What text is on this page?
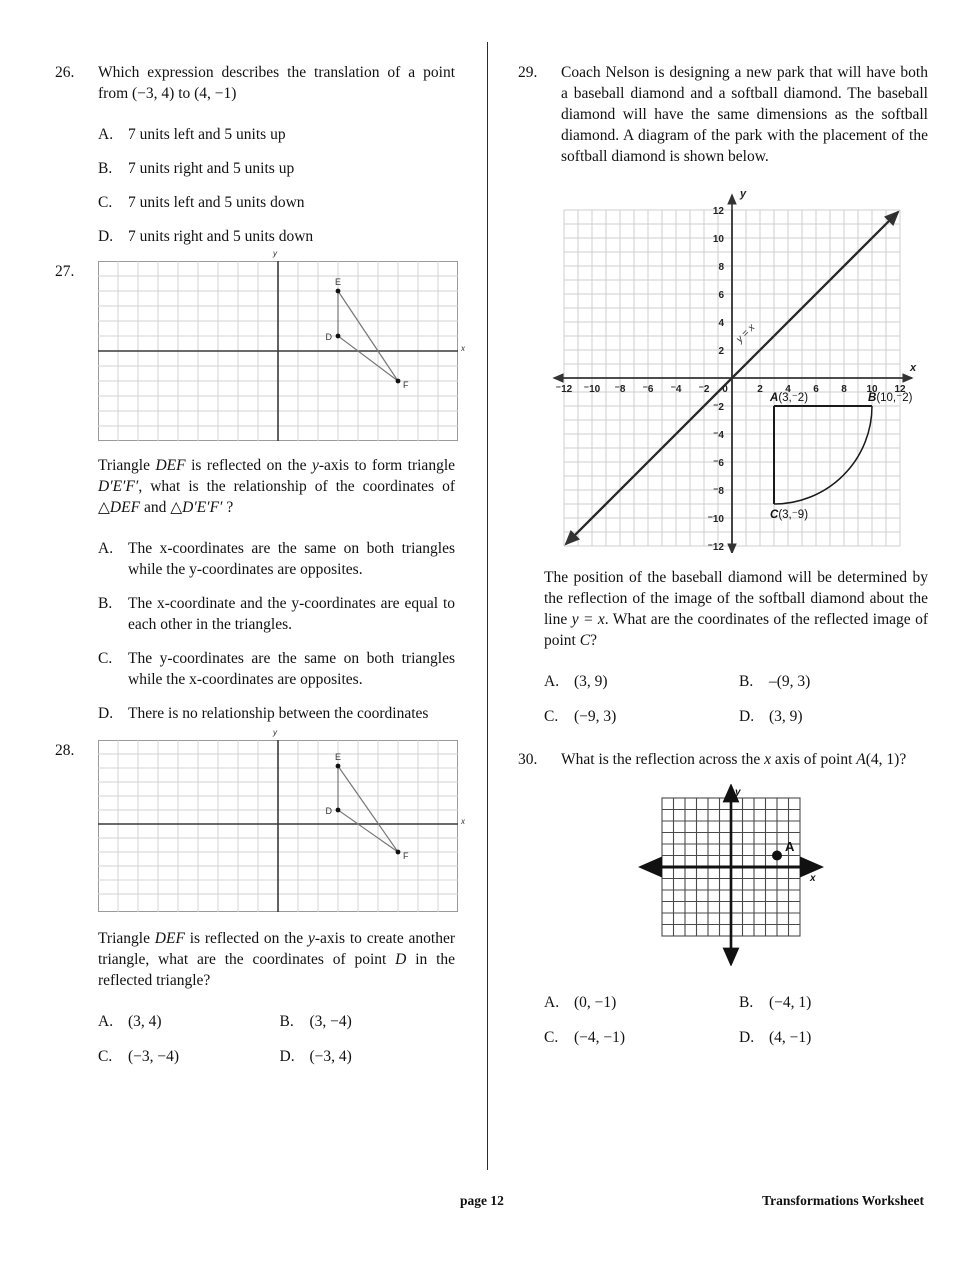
26.	Which expression describes the translation of a point from (−3, 4) to (4, −1)
A. 7 units left and 5 units up
B.	7 units right and 5 units up
C.	7 units left and 5 units down
D. 7 units right and 5 units down
27.
E
D
F
y
x
Triangle DEF is reflected on the y-axis to form triangle D′E′F′, what is the relationship of the coordinates of △DEF and △D′E′F′ ?
A. The x-coordinates are the same on both triangles while the y-coordinates are opposites.
B.	The x-coordinate and the y-coordinates are equal to each other in the triangles.
C.	The y-coordinates are the same on both triangles while the x-coordinates are opposites.
D. There is no relationship between the coordinates
28.	E
D
F
y
x
Triangle DEF is reflected on the y-axis to create another triangle, what are the coordinates of point D in the reflected triangle?
A. (3, 4)	B.	(3, −4)
C.	(−3, −4)	D. (−3, 4)
29.	Coach Nelson is designing a new park that will have both a baseball diamond and a softball diamond. The baseball diamond will have the same dimensions as the softball diamond. A diagram of the park with the placement of the softball diamond is shown below.
⁻12 ⁻10 ⁻8 ⁻6 ⁻4 ⁻2 0	2 4 6 8 10 12
12
10
8
6
4
2
⁻2
⁻4
⁻6
⁻8
⁻10
⁻12
A(3,⁻2)	B(10,⁻2)
C(3,⁻9)
y = x
y
x
The position of the baseball diamond will be determined by the reflection of the image of the softball diamond about the line y = x. What are the coordinates of the reflected image of point C?
A. (3, 9)	B.	–(9, 3)
C.	(−9, 3)	D. (3, 9)
30.	What is the reflection across the x axis of point A(4, 1)?
A
y
x
A. (0, −1)	B.	(−4, 1)
C.	(−4, −1)	D. (4, −1)
page 12	Transformations Worksheet
